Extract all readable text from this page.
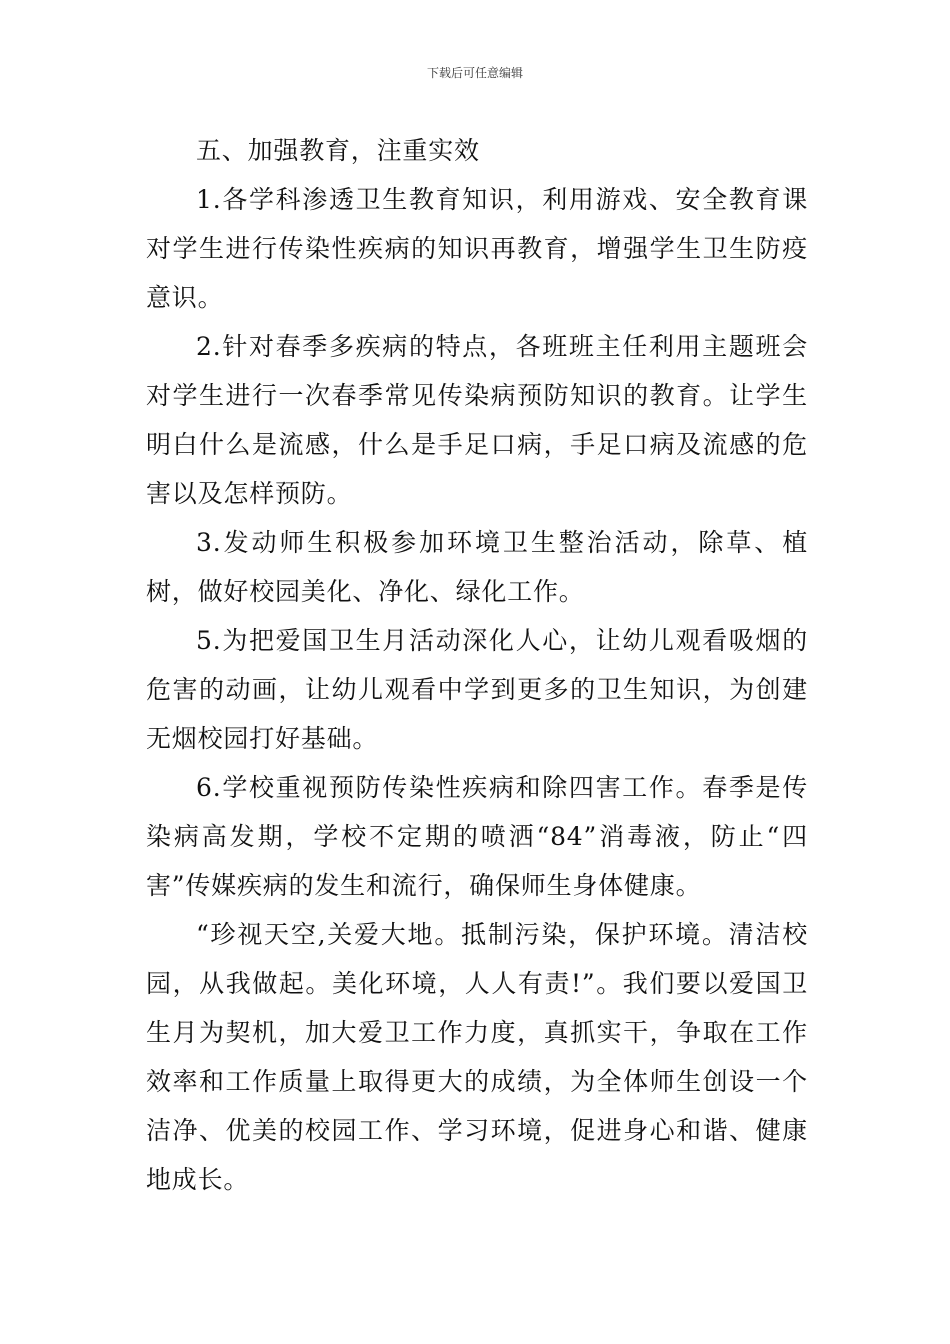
下载后可任意编辑

五、加强教育，注重实效

1.各学科渗透卫生教育知识，利用游戏、安全教育课对学生进行传染性疾病的知识再教育，增强学生卫生防疫意识。

2.针对春季多疾病的特点，各班班主任利用主题班会对学生进行一次春季常见传染病预防知识的教育。让学生明白什么是流感，什么是手足口病，手足口病及流感的危害以及怎样预防。

3.发动师生积极参加环境卫生整治活动，除草、植树，做好校园美化、净化、绿化工作。

5.为把爱国卫生月活动深化人心，让幼儿观看吸烟的危害的动画，让幼儿观看中学到更多的卫生知识，为创建无烟校园打好基础。

6.学校重视预防传染性疾病和除四害工作。春季是传染病高发期，学校不定期的喷洒“84”消毒液，防止“四害”传媒疾病的发生和流行，确保师生身体健康。

“珍视天空,关爱大地。抵制污染，保护环境。清洁校园，从我做起。美化环境，人人有责!”。我们要以爱国卫生月为契机，加大爱卫工作力度，真抓实干，争取在工作效率和工作质量上取得更大的成绩，为全体师生创设一个洁净、优美的校园工作、学习环境，促进身心和谐、健康地成长。
